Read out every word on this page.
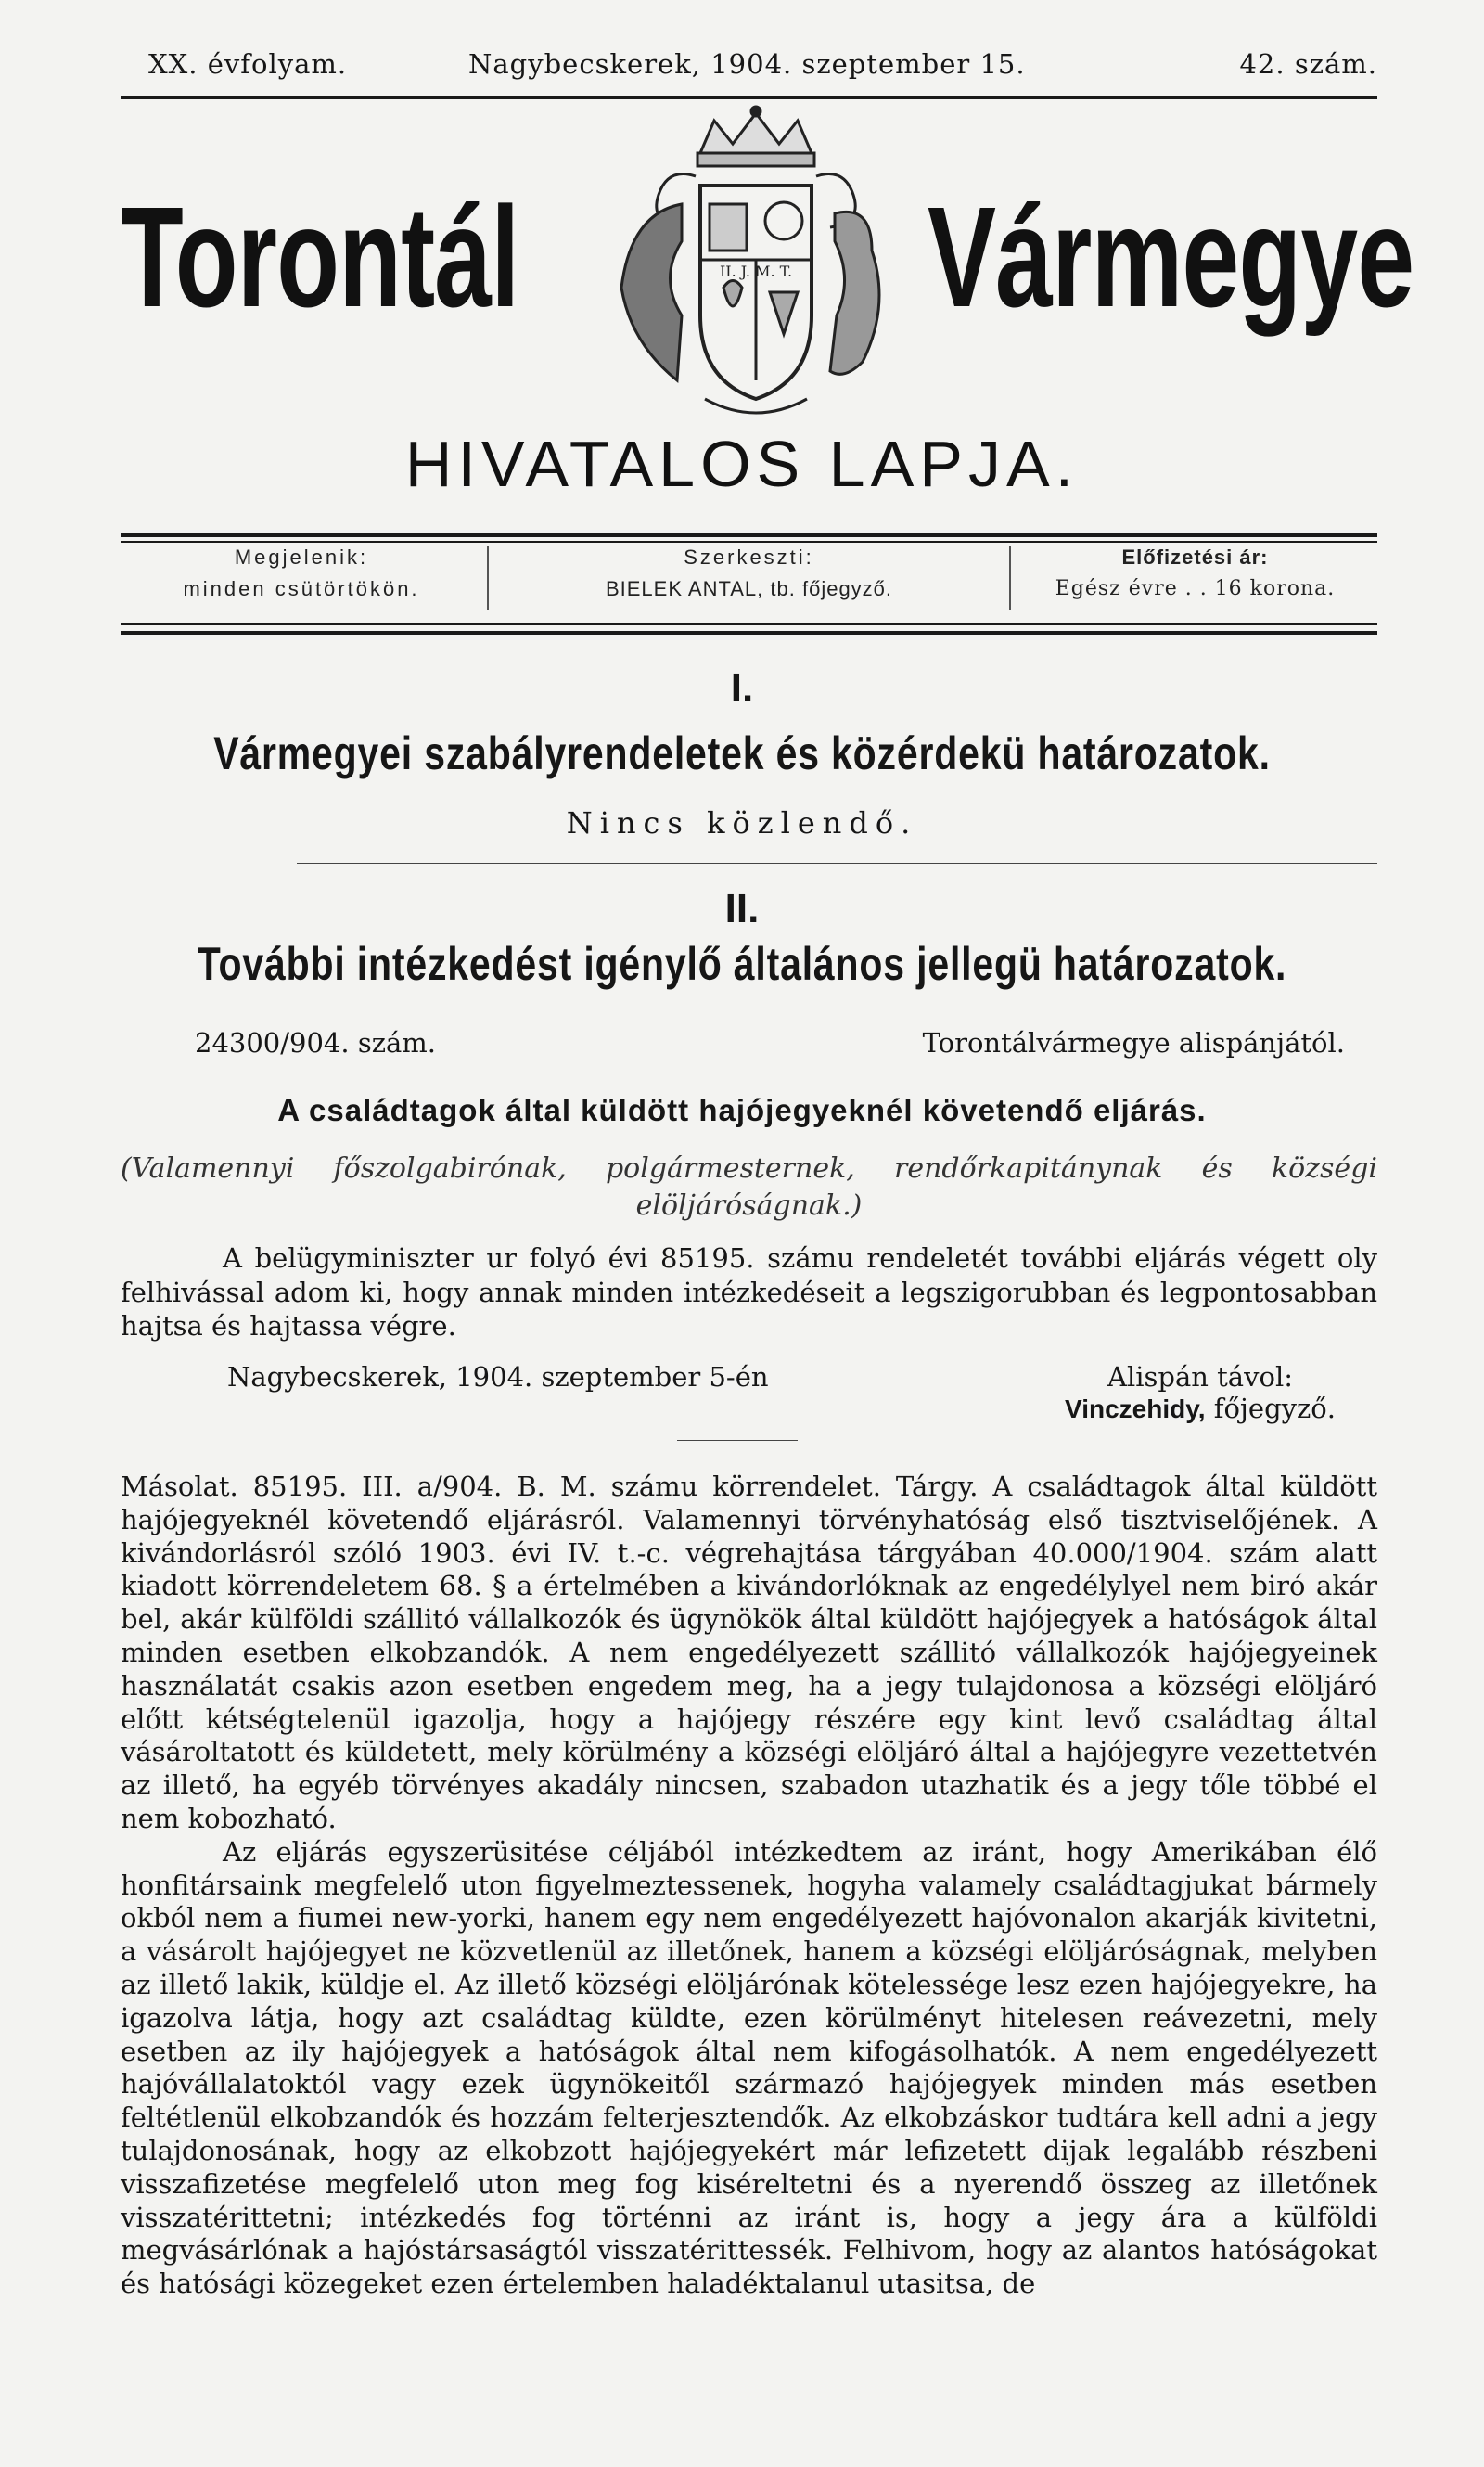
XX. évfolyam.	Nagybecskerek, 1904. szeptember 15.	42. szám.
Torontál	Vármegye
II. J. M. T.
HIVATALOS LAPJA.
Megjelenik:
minden csütörtökön.
Szerkeszti:
BIELEK ANTAL, tb. főjegyző.
Előfizetési ár:
Egész évre . . 16 korona.
I.
Vármegyei szabályrendeletek és közérdekü határozatok.
Nincs közlendő.
II.
További intézkedést igénylő általános jellegü határozatok.
24300/904. szám.	Torontálvármegye alispánjától.
A családtagok által küldött hajójegyeknél követendő eljárás.
(Valamennyi főszolgabirónak, polgármesternek, rendőrkapitánynak és községi elöljáróságnak.)
A belügyminiszter ur folyó évi 85195. számu rendeletét további eljárás végett oly felhivással adom ki, hogy annak minden intézkedéseit a legszigorubban és legpontosabban hajtsa és hajtassa végre.
Nagybecskerek, 1904. szeptember 5-én	Alispán távol:
Vinczehidy, főjegyző.

Másolat. 85195. III. a/904. B. M. számu körrendelet. Tárgy. A családtagok által küldött hajójegyeknél követendő eljárásról. Valamennyi törvényhatóság első tisztviselőjének. A kivándorlásról szóló 1903. évi IV. t.-c. végrehajtása tárgyában 40.000/1904. szám alatt kiadott körrendeletem 68. § a értelmében a kivándorlóknak az engedélylyel nem biró akár bel, akár külföldi szállitó vállalkozók és ügynökök által küldött hajójegyek a hatóságok által minden esetben elkobzandók. A nem engedélyezett szállitó vállalkozók hajójegyeinek használatát csakis azon esetben engedem meg, ha a jegy tulajdonosa a községi elöljáró előtt kétségtelenül igazolja, hogy a hajójegy részére egy kint levő családtag által vásároltatott és küldetett, mely körülmény a községi elöljáró által a hajójegyre vezettetvén az illető, ha egyéb törvényes akadály nincsen, szabadon utazhatik és a jegy tőle többé el nem kobozható.

Az eljárás egyszerüsitése céljából intézkedtem az iránt, hogy Amerikában élő honfitársaink megfelelő uton figyelmeztessenek, hogyha valamely családtagjukat bármely okból nem a fiumei new-yorki, hanem egy nem engedélyezett hajóvonalon akarják kivitetni, a vásárolt hajójegyet ne közvetlenül az illetőnek, hanem a községi elöljáróságnak, melyben az illető lakik, küldje el. Az illető községi elöljárónak kötelessége lesz ezen hajójegyekre, ha igazolva látja, hogy azt családtag küldte, ezen körülményt hitelesen reávezetni, mely esetben az ily hajójegyek a hatóságok által nem kifogásolhatók. A nem engedélyezett hajóvállalatoktól vagy ezek ügynökeitől származó hajójegyek minden más esetben feltétlenül elkobzandók és hozzám felterjesztendők. Az elkobzáskor tudtára kell adni a jegy tulajdonosának, hogy az elkobzott hajójegyekért már lefizetett dijak legalább részbeni visszafizetése megfelelő uton meg fog kiséreltetni és a nyerendő összeg az illetőnek visszatérittetni; intézkedés fog történni az iránt is, hogy a jegy ára a külföldi megvásárlónak a hajóstársaságtól visszatérittessék. Felhivom, hogy az alantos hatóságokat és hatósági közegeket ezen értelemben haladéktalanul utasitsa, de
